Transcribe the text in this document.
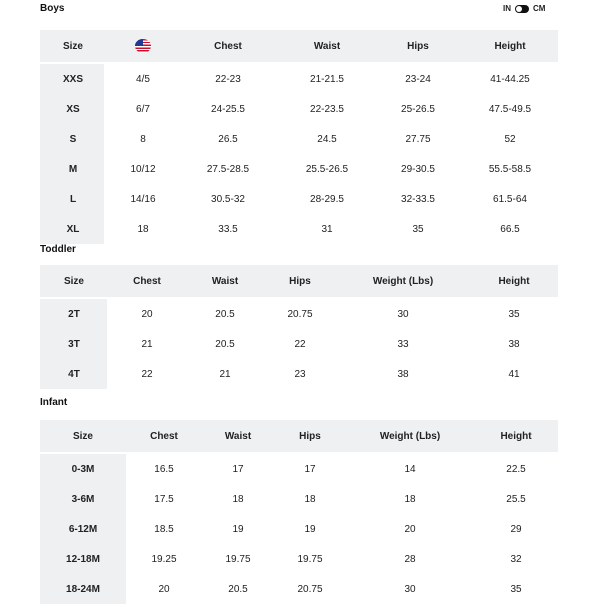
Boys	IN	CM
Size	Chest	Waist	Hips	Height
XXS	4/5	22-23	21-21.5	23-24	41-44.25
XS	6/7	24-25.5	22-23.5	25-26.5	47.5-49.5
S	8	26.5	24.5	27.75	52
M	10/12	27.5-28.5	25.5-26.5	29-30.5	55.5-58.5
L	14/16	30.5-32	28-29.5	32-33.5	61.5-64
XL	18	33.5	31	35	66.5
Toddler
Size	Chest	Waist	Hips	Weight (Lbs)	Height
2T	20	20.5	20.75	30	35
3T	21	20.5	22	33	38
4T	22	21	23	38	41
Infant
Size	Chest	Waist	Hips	Weight (Lbs)	Height
0-3M	16.5	17	17	14	22.5
3-6M	17.5	18	18	18	25.5
6-12M	18.5	19	19	20	29
12-18M	19.25	19.75	19.75	28	32
18-24M	20	20.5	20.75	30	35
